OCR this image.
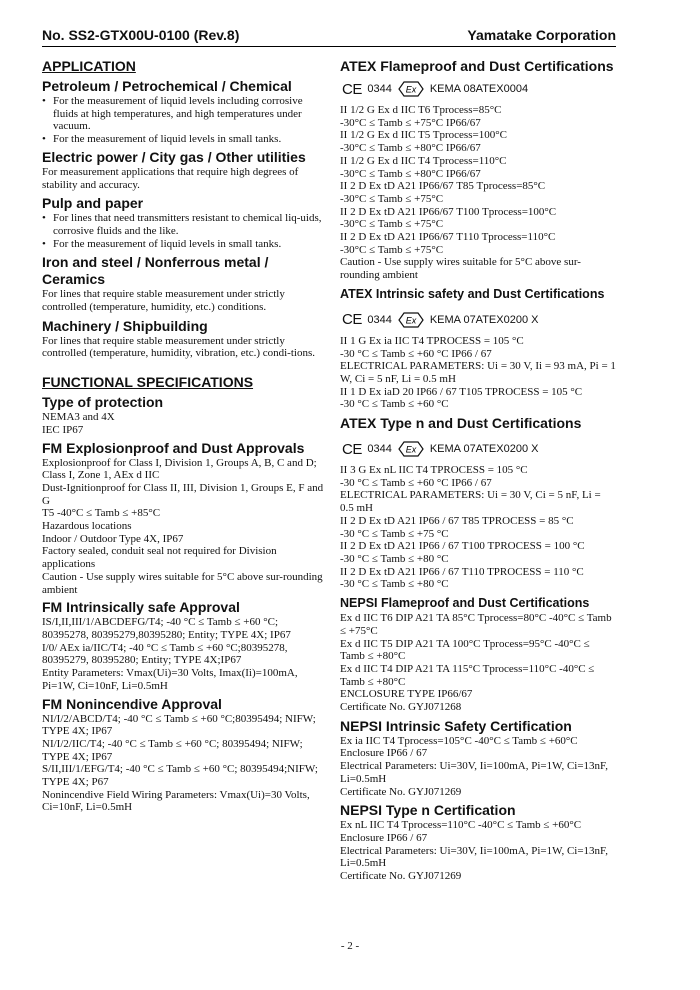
No. SS2-GTX00U-0100 (Rev.8)	Yamatake Corporation

APPLICATION

Petroleum / Petrochemical / Chemical

• For the measurement of liquid levels including corrosive fluids at high temperatures, and high temperatures under vacuum.

• For the measurement of liquid levels in small tanks.

Electric power / City gas / Other utilities

For measurement applications that require high degrees of stability and accuracy.

Pulp and paper

• For lines that need transmitters resistant to chemical liq-uids, corrosive fluids and the like.

• For the measurement of liquid levels in small tanks.

Iron and steel / Nonferrous metal / Ceramics

For lines that require stable measurement under strictly controlled (temperature, humidity, etc.) conditions.

Machinery / Shipbuilding

For lines that require stable measurement under strictly controlled (temperature, humidity, vibration, etc.) condi-tions.

FUNCTIONAL SPECIFICATIONS

Type of protection

NEMA3 and 4X

IEC IP67

FM Explosionproof and Dust Approvals

Explosionproof for Class I, Division 1, Groups A, B, C and D; Class I, Zone 1, AEx d IIC

Dust-Ignitionproof for Class II, III, Division 1, Groups E, F and G

T5 -40°C ≤ Tamb ≤ +85°C

Hazardous locations

Indoor / Outdoor Type 4X, IP67

Factory sealed, conduit seal not required for Division applications

Caution - Use supply wires suitable for 5°C above sur-rounding ambient

FM Intrinsically safe Approval

IS/I,II,III/1/ABCDEFG/T4; -40 °C ≤ Tamb ≤ +60 °C; 80395278, 80395279,80395280; Entity; TYPE 4X; IP67

I/0/ AEx ia/IIC/T4; -40 °C ≤ Tamb ≤ +60 °C;80395278, 80395279, 80395280; Entity; TYPE 4X;IP67

Entity Parameters: Vmax(Ui)=30 Volts, Imax(Ii)=100mA, Pi=1W, Ci=10nF, Li=0.5mH

FM Nonincendive Approval

NI/I/2/ABCD/T4; -40 °C ≤ Tamb ≤ +60 °C;80395494; NIFW; TYPE 4X; IP67

NI/I/2/IIC/T4; -40 °C ≤ Tamb ≤ +60 °C; 80395494; NIFW; TYPE 4X; IP67

S/II,III/1/EFG/T4; -40 °C ≤ Tamb ≤ +60 °C; 80395494;NIFW; TYPE 4X; P67

Nonincendive Field Wiring Parameters: Vmax(Ui)=30 Volts, Ci=10nF, Li=0.5mH

ATEX Flameproof and Dust Certifications

C  E 0344 Ex KEMA 08ATEX0004

II 1/2 G Ex d IIC T6 Tprocess=85°C

-30°C ≤ Tamb ≤ +75°C IP66/67

II 1/2 G Ex d IIC T5 Tprocess=100°C

-30°C ≤ Tamb ≤ +80°C IP66/67

II 1/2 G Ex d IIC T4 Tprocess=110°C

-30°C ≤ Tamb ≤ +80°C IP66/67

II 2 D Ex tD A21 IP66/67 T85 Tprocess=85°C

-30°C ≤ Tamb ≤ +75°C

II 2 D Ex tD A21 IP66/67 T100 Tprocess=100°C

-30°C ≤ Tamb ≤ +75°C

II 2 D Ex tD A21 IP66/67 T110 Tprocess=110°C

-30°C ≤ Tamb ≤ +75°C

Caution - Use supply wires suitable for 5°C above sur-rounding ambient

ATEX Intrinsic safety and Dust Certifications

C  E 0344 Ex KEMA 07ATEX0200 X

II 1 G Ex ia IIC T4 TPROCESS = 105 °C

-30 °C ≤ Tamb ≤ +60 °C IP66 / 67

ELECTRICAL PARAMETERS: Ui = 30 V, Ii = 93 mA, Pi = 1 W, Ci = 5 nF, Li = 0.5 mH

II 1 D Ex iaD 20 IP66 / 67 T105 TPROCESS = 105 °C

-30 °C ≤ Tamb ≤ +60 °C

ATEX Type n and Dust Certifications

C  E 0344 Ex KEMA 07ATEX0200 X

II 3 G Ex nL IIC T4 TPROCESS = 105 °C

-30 °C ≤ Tamb ≤ +60 °C IP66 / 67

ELECTRICAL PARAMETERS: Ui = 30 V, Ci = 5 nF, Li = 0.5 mH

II 2 D Ex tD A21 IP66 / 67 T85 TPROCESS = 85 °C

-30 °C ≤ Tamb ≤ +75 °C

II 2 D Ex tD A21 IP66 / 67 T100 TPROCESS = 100 °C

-30 °C ≤ Tamb ≤ +80 °C

II 2 D Ex tD A21 IP66 / 67 T110 TPROCESS = 110 °C

-30 °C ≤ Tamb ≤ +80 °C

NEPSI Flameproof and Dust Certifications

Ex d IIC T6 DIP A21 TA 85°C Tprocess=80°C -40°C ≤ Tamb ≤ +75°C

Ex d IIC T5 DIP A21 TA 100°C Tprocess=95°C -40°C ≤ Tamb ≤ +80°C

Ex d IIC T4 DIP A21 TA 115°C Tprocess=110°C -40°C ≤ Tamb ≤ +80°C

ENCLOSURE TYPE IP66/67

Certificate No. GYJ071268

NEPSI Intrinsic Safety Certification

Ex ia IIC T4 Tprocess=105°C -40°C ≤ Tamb ≤ +60°C

Enclosure IP66 / 67

Electrical Parameters: Ui=30V, Ii=100mA, Pi=1W, Ci=13nF, Li=0.5mH

Certificate No. GYJ071269

NEPSI Type n Certification

Ex nL IIC T4 Tprocess=110°C -40°C ≤ Tamb ≤ +60°C

Enclosure IP66 / 67

Electrical Parameters: Ui=30V, Ii=100mA, Pi=1W, Ci=13nF, Li=0.5mH

Certificate No. GYJ071269

- 2 -
